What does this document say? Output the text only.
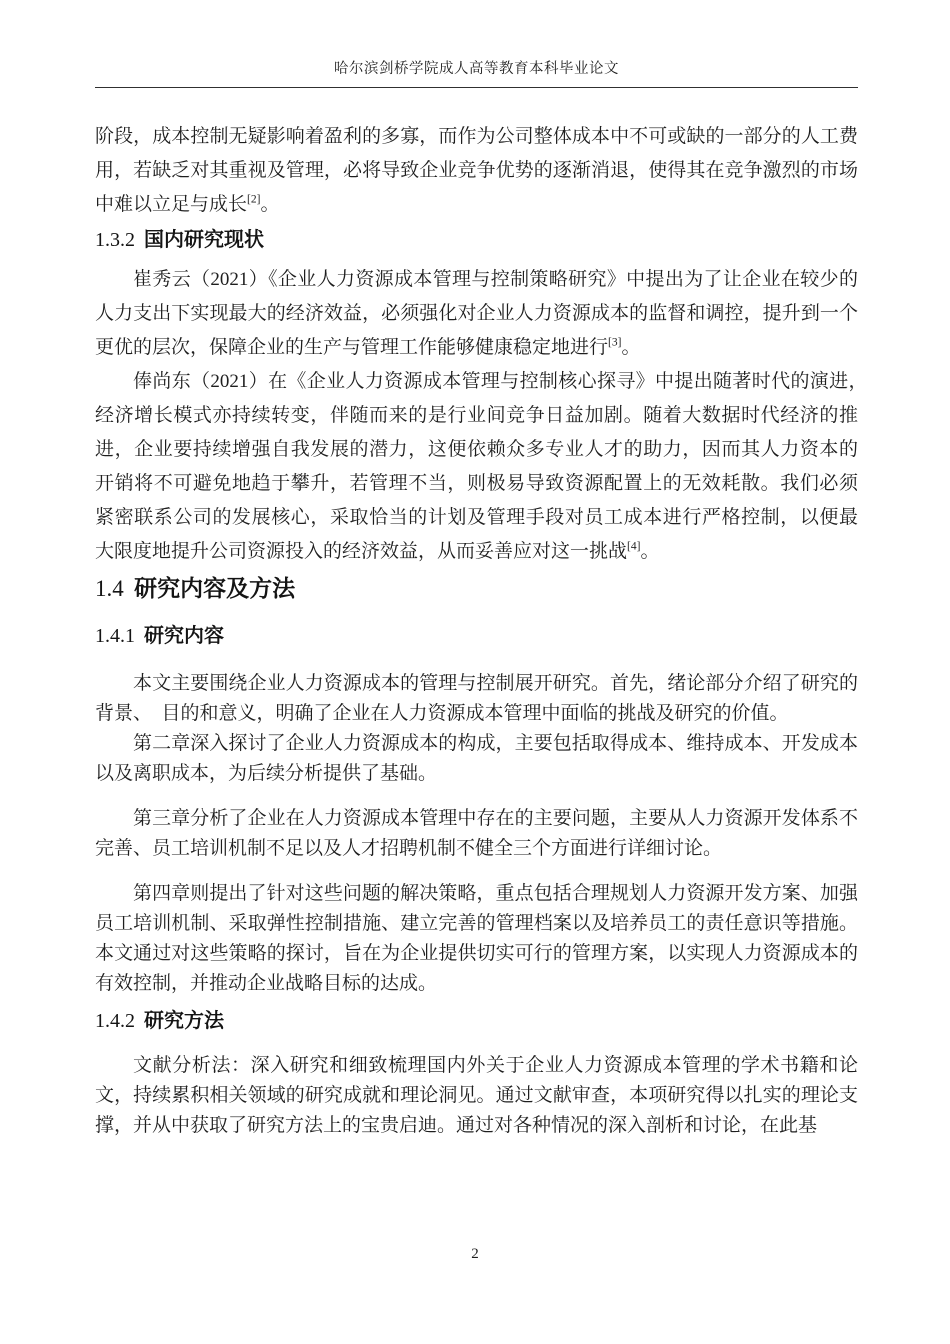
哈尔滨剑桥学院成人高等教育本科毕业论文

阶段，成本控制无疑影响着盈利的多寡，而作为公司整体成本中不可或缺的一部分的人工费用，若缺乏对其重视及管理，必将导致企业竞争优势的逐渐消退，使得其在竞争激烈的市场中难以立足与成长[2]。

1.3.2 国内研究现状

崔秀云（2021）《企业人力资源成本管理与控制策略研究》中提出为了让企业在较少的人力支出下实现最大的经济效益，必须强化对企业人力资源成本的监督和调控，提升到一个更优的层次，保障企业的生产与管理工作能够健康稳定地进行[3]。

俸尚东（2021）在《企业人力资源成本管理与控制核心探寻》中提出随著时代的演进，　经济增长模式亦持续转变，伴随而来的是行业间竞争日益加剧。随着大数据时代经济的推　进，企业要持续增强自我发展的潜力，这便依赖众多专业人才的助力，因而其人力资本的　开销将不可避免地趋于攀升，若管理不当，则极易导致资源配置上的无效耗散。我们必须　紧密联系公司的发展核心，采取恰当的计划及管理手段对员工成本进行严格控制，以便最　大限度地提升公司资源投入的经济效益，从而妥善应对这一挑战[4]。

1.4 研究内容及方法
1.4.1 研究内容

本文主要围绕企业人力资源成本的管理与控制展开研究。首先，绪论部分介绍了研究的背景、　目的和意义，明确了企业在人力资源成本管理中面临的挑战及研究的价值。

第二章深入探讨了企业人力资源成本的构成，主要包括取得成本、维持成本、开发成本以及离职成本，为后续分析提供了基础。

第三章分析了企业在人力资源成本管理中存在的主要问题，主要从人力资源开发体系不完善、员工培训机制不足以及人才招聘机制不健全三个方面进行详细讨论。

第四章则提出了针对这些问题的解决策略，重点包括合理规划人力资源开发方案、加强员工培训机制、采取弹性控制措施、建立完善的管理档案以及培养员工的责任意识等措施。本文通过对这些策略的探讨，旨在为企业提供切实可行的管理方案，以实现人力资源成本的有效控制，并推动企业战略目标的达成。

1.4.2 研究方法

文献分析法：深入研究和细致梳理国内外关于企业人力资源成本管理的学术书籍和论文，持续累积相关领域的研究成就和理论洞见。通过文献审查，本项研究得以扎实的理论支撑，并从中获取了研究方法上的宝贵启迪。通过对各种情况的深入剖析和讨论，在此基

2
